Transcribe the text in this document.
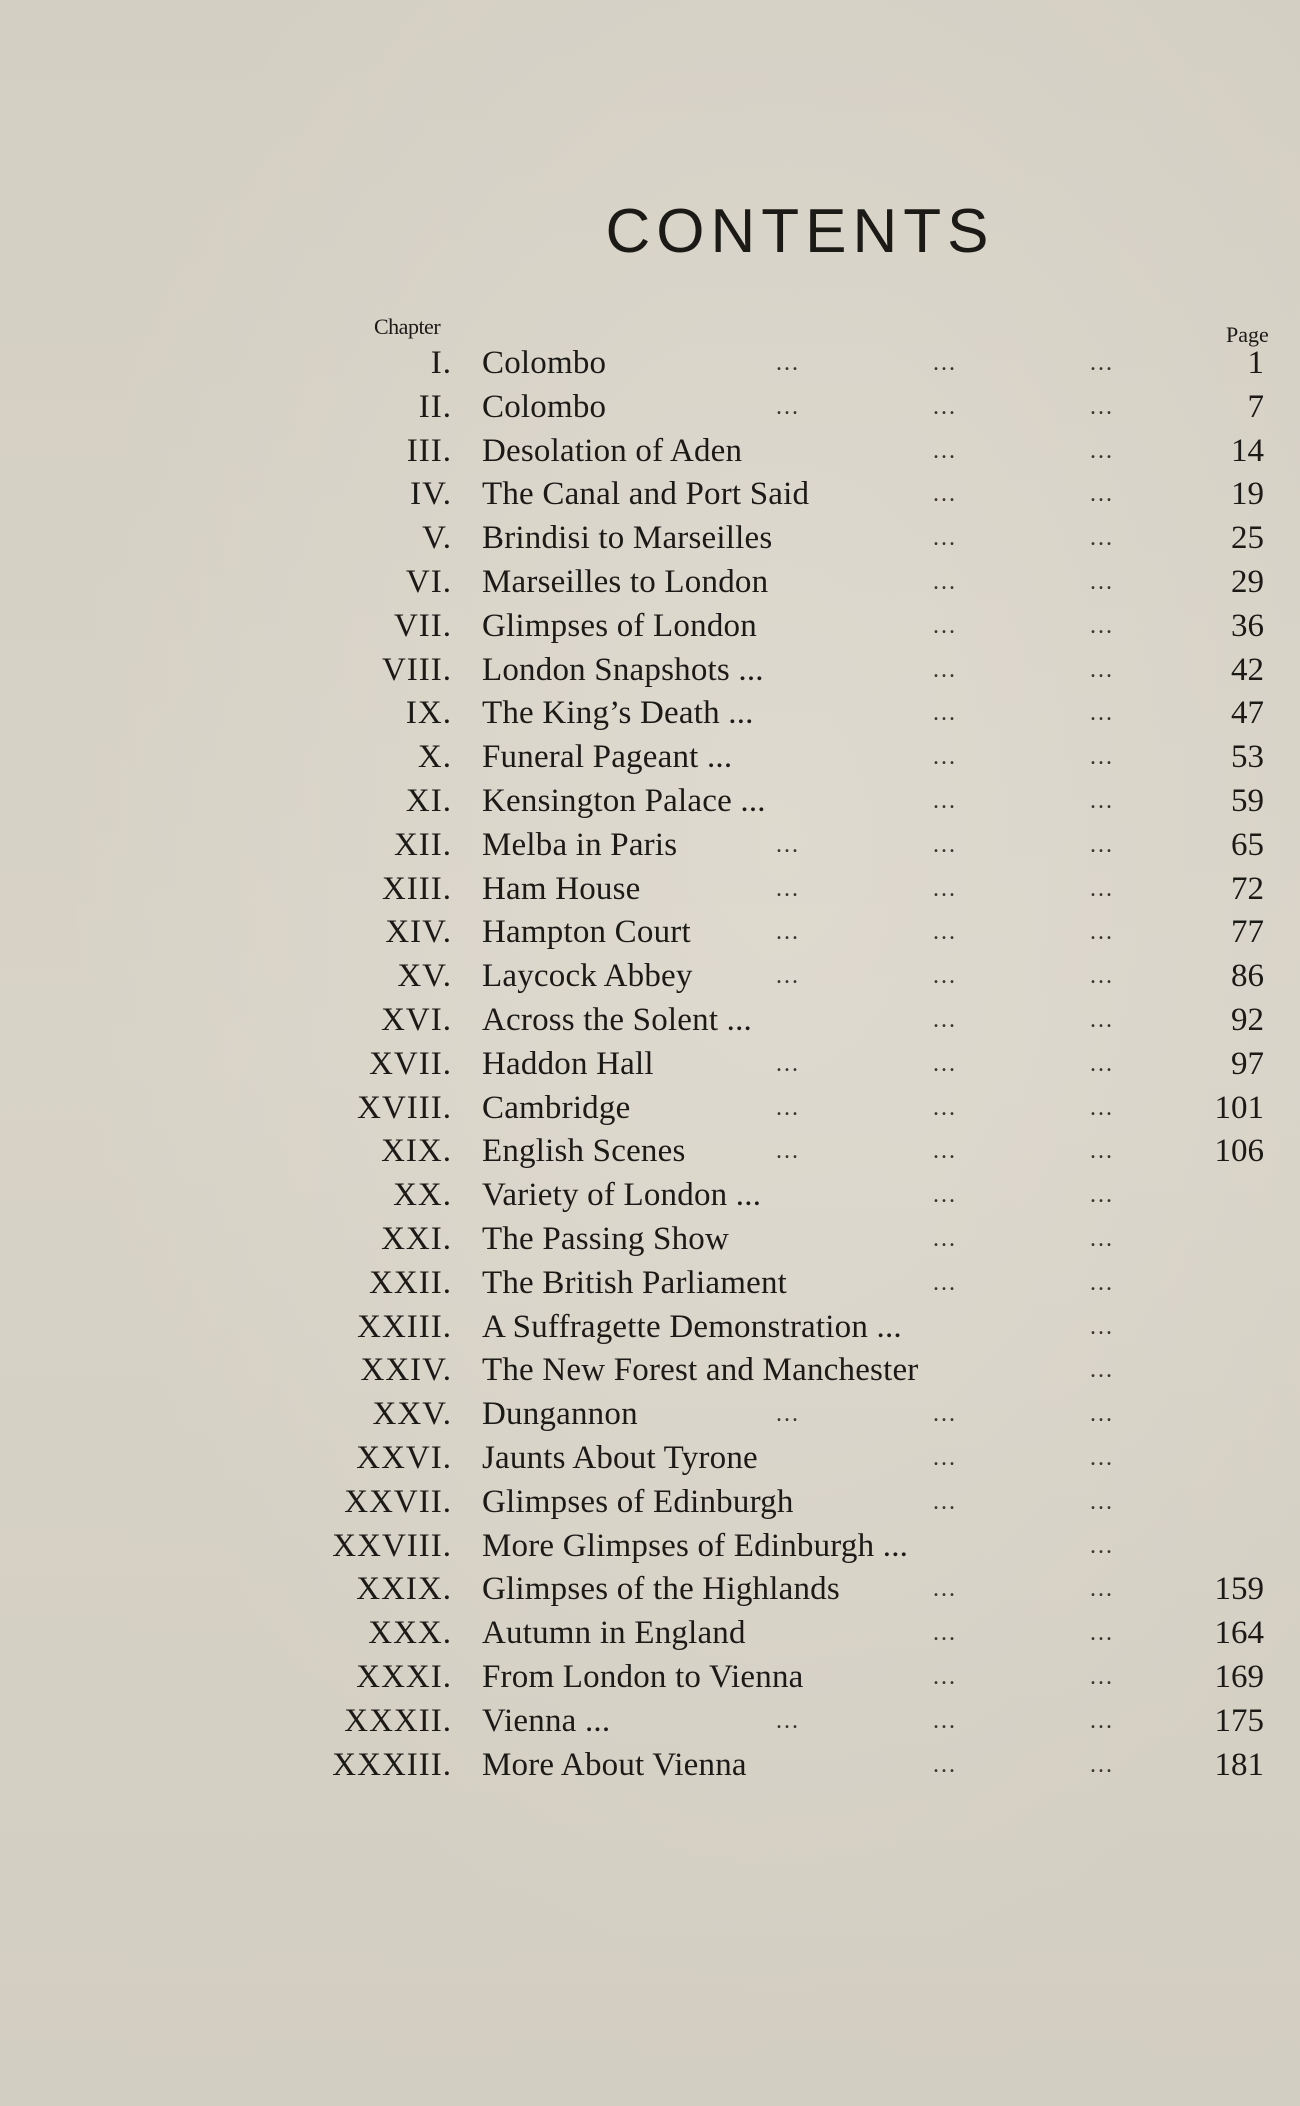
CONTENTS
Chapter	Page
I. Colombo	...	...	...	1
II. Colombo	...	...	...	7
III. Desolation of Aden	...	...	14
IV. The Canal and Port Said	...	...	19
V. Brindisi to Marseilles	...	...	25
VI. Marseilles to London	...	...	29
VII. Glimpses of London	...	...	36
VIII. London Snapshots ...	...	...	42
IX. The King’s Death ...	...	...	47
X. Funeral Pageant ...	...	...	53
XI. Kensington Palace ...	...	...	59
XII. Melba in Paris	...	...	...	65
XIII. Ham House	...	...	...	72
XIV. Hampton Court	...	...	...	77
XV. Laycock Abbey	...	...	...	86
XVI. Across the Solent ...	...	...	92
XVII. Haddon Hall	...	...	...	97
XVIII. Cambridge	...	...	...	101
XIX. English Scenes	...	...	...	106
XX. Variety of London ...	...	...
XXI. The Passing Show	...	...
XXII. The British Parliament	...	...
XXIII. A Suffragette Demonstration ...	...
XXIV. The New Forest and Manchester	...
XXV. Dungannon	...	...	...
XXVI. Jaunts About Tyrone	...	...
XXVII. Glimpses of Edinburgh	...	...
XXVIII. More Glimpses of Edinburgh ...	...
XXIX. Glimpses of the Highlands	...	...	159
XXX. Autumn in England	...	...	164
XXXI. From London to Vienna	...	...	169
XXXII. Vienna ...	...	...	...	175
XXXIII. More About Vienna	...	...	181
